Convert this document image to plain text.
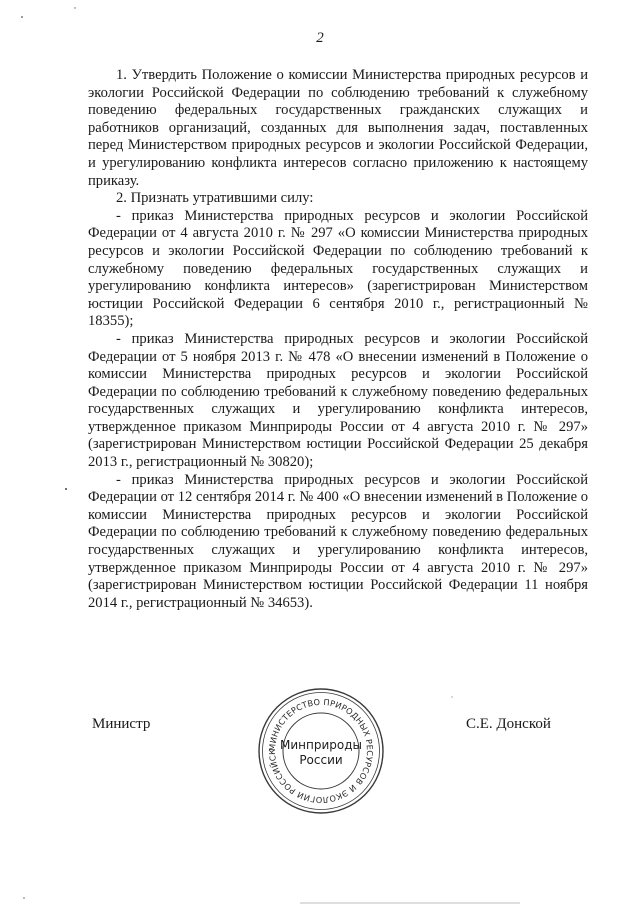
2

1. Утвердить Положение о комиссии Министерства природных ресурсов и экологии Российской Федерации по соблюдению требований к служебному поведению федеральных государственных гражданских служащих и работников организаций, созданных для выполнения задач, поставленных перед Министерством природных ресурсов и экологии Российской Федерации, и урегулированию конфликта интересов согласно приложению к настоящему приказу.

2. Признать утратившими силу:

- приказ Министерства природных ресурсов и экологии Российской Федерации от 4 августа 2010 г. № 297 «О комиссии Министерства природных ресурсов и экологии Российской Федерации по соблюдению требований к служебному поведению федеральных государственных служащих и урегулированию конфликта интересов» (зарегистрирован Министерством юстиции Российской Федерации 6 сентября 2010 г., регистрационный № 18355);

- приказ Министерства природных ресурсов и экологии Российской Федерации от 5 ноября 2013 г. № 478 «О внесении изменений в Положение о комиссии Министерства природных ресурсов и экологии Российской Федерации по соблюдению требований к служебному поведению федеральных государственных служащих и урегулированию конфликта интересов, утвержденное приказом Минприроды России от 4 августа 2010 г. № 297» (зарегистрирован Министерством юстиции Российской Федерации 25 декабря 2013 г., регистрационный № 30820);

- приказ Министерства природных ресурсов и экологии Российской Федерации от 12 сентября 2014 г. № 400 «О внесении изменений в Положение о комиссии Министерства природных ресурсов и экологии Российской Федерации по соблюдению требований к служебному поведению федеральных государственных служащих и урегулированию конфликта интересов, утвержденное приказом Минприроды России от 4 августа 2010 г. № 297» (зарегистрирован Министерством юстиции Российской Федерации 11 ноября 2014 г., регистрационный № 34653).

Министр
МИНИСТЕРСТВО ПРИРОДНЫХ РЕСУРСОВ И ЭКОЛОГИИ РОССИЙСК Минприроды
России
С.Е. Донской
